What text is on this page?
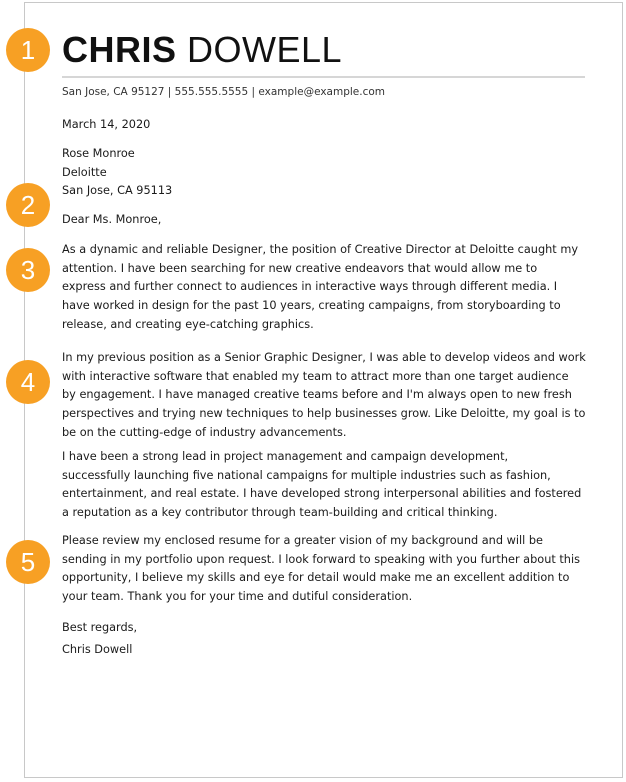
1
2
3
4
5
CHRIS DOWELL
San Jose, CA 95127 | 555.555.5555 | example@example.com
March 14, 2020
Rose Monroe
Deloitte
San Jose, CA 95113
Dear Ms. Monroe,
As a dynamic and reliable Designer, the position of Creative Director at Deloitte caught my
attention. I have been searching for new creative endeavors that would allow me to
express and further connect to audiences in interactive ways through different media. I
have worked in design for the past 10 years, creating campaigns, from storyboarding to
release, and creating eye-catching graphics.
In my previous position as a Senior Graphic Designer, I was able to develop videos and work
with interactive software that enabled my team to attract more than one target audience
by engagement. I have managed creative teams before and I'm always open to new fresh
perspectives and trying new techniques to help businesses grow. Like Deloitte, my goal is to
be on the cutting-edge of industry advancements.
I have been a strong lead in project management and campaign development,
successfully launching five national campaigns for multiple industries such as fashion,
entertainment, and real estate. I have developed strong interpersonal abilities and fostered
a reputation as a key contributor through team-building and critical thinking.
Please review my enclosed resume for a greater vision of my background and will be
sending in my portfolio upon request. I look forward to speaking with you further about this
opportunity, I believe my skills and eye for detail would make me an excellent addition to
your team. Thank you for your time and dutiful consideration.
Best regards,
Chris Dowell
